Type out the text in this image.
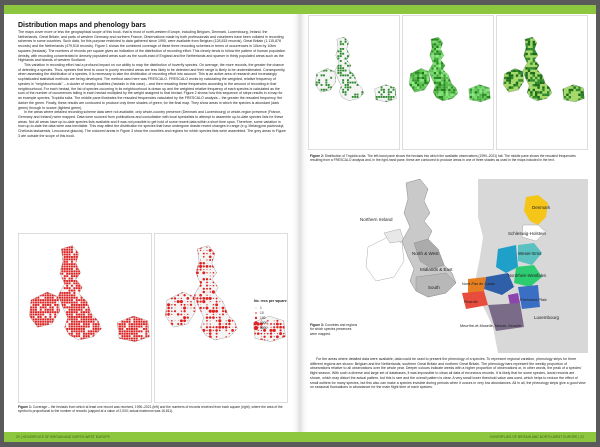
Distribution maps and phenology bars

The maps cover more or less the geographical scope of this book, that is most of north-western Europe, including Belgium, Denmark, Luxembourg, Ireland, the Netherlands, Great Britain, and parts of western Germany and northern France. Observations made by both professionals and volunteers have been collated in recording schemes in some countries. Such data, for this purpose restricted to data gathered since 1990, were available from Belgium (128,815 records), Great Britain (1,115,878 records) and the Netherlands (479,518 records). Figure 1 shows the combined coverage of these three recording schemes in terms of occurrences in 10km by 10km squares (hectads). The numbers of records per square gives an indication of the distribution of recording effort. This clearly tends to follow the pattern of human population density, with recording concentrated in densely populated areas such as the south-east of England and the Netherlands and sparser in thinly populated areas such as the Highlands and islands of western Scotland.

This variation in recording effort had a profound impact on our ability to map the distribution of hoverfly species. On average, the more records, the greater the chance of detecting a species. Thus, species that tend to occur in poorly recorded areas are less likely to be detected and their range is likely to be underestimated. Consequently, when assessing the distribution of a species, it is necessary to take the distribution of recording effort into account. This is an active area of research and increasingly sophisticated statistical methods are being developed. The method used here was FRESCALO. FRESCALO works by calculating the weighted, relative frequency of species in "neighbourhoods" – a cluster of nearby localities (hectads in this case) – and then rescaling these frequencies according to the amount of recording in that neighbourhood. For each hectad, the list of species occurring in its neighbourhood is drawn up and the weighted relative frequency of each species is calculated as the sum of the number of occurrences falling in each hectad multiplied by the weight assigned to that hectad. Figure 2 shows how this sequence of steps results in a map for an example species, Tropidia scita. The middle pane illustrates the rescaled frequencies calculated by the FRESCALO analysis – the greater the rescaled frequency, the darker the green. Finally, these results are contoured to produce only three shades of green, for the final map. They show areas in which the species is abundant (dark green) through to scarce (lightest green).

In the areas where detailed recording scheme data were not available, only whole-country presence (Denmark and Luxembourg) or whole-region presence (France, Germany and Ireland) were mapped. Data were sourced from publications and consultation with local specialists to attempt to assemble up-to-date species lists for these areas. Not all areas have up-to-date species lists available and it was not possible to get hold of some recent data within a short time span. Therefore, some variation in how up-to-date the data were was inevitable. This may affect the distribution for species that have undergone drastic recent changes in range (e.g. Melangyna pavlovskyi, Cheilosia laskaensis, Leucozona glaucia). The coloured areas in Figure 3 show the countries and regions for which species lists were assembled. The grey areas in Figure 3 are outside the scope of this book.

No. recs per square
1
10
100
1000
5000
Figure 1: Coverage – the hectads from which at least one record was received, 1990–2021 (left) and the numbers of records received from each square (right), where the area of the symbol is proportional to the number of records (capped at a value of 2,000; actual maximum was 16,811).
20 | HOVERFLIES OF BRITAIN AND NORTH-WEST EUROPE
Figure 2: Distribution of Tropidia scita. The left-hand pane shows the hectads into which the available observations (1990–2021) fall. The middle pane shows the rescaled frequencies resulting from a FRESCALO analysis and, in the right-hand pane, these are contoured to produce areas in one of three shades as used in the maps included in the text.
Northern Ireland
North & West
Midlands & East
South
Denmark
Schleswig-Holstein
Weser-Ems
Nord-Pas de Calais
Nordrhein-Westfalen
Rheinland-Pfalz
Picardie
Meurthe-et-Moselle, Meuse, Moselle
Luxembourg
Figure 3: Countries and regions for which species presences were mapped.

For the areas where detailed data were available, data could be used to present the phenology of a species. To represent regional variation, phenology strips for three different regions are shown: Belgium and the Netherlands, southern Great Britain and northern Great Britain. The phenology bars represent the weekly proportion of observations relative to all observations over the whole year. Deeper colours indicate weeks with a higher proportion of observations or, in other words, the peak of a species' flight season. With such a diverse and large set of databases, it was impossible to clean all data of erroneous records. It is likely that for some species, larval records are shown, which may distort the actual pattern, but this is rare and the overall pattern is clear. A very small lower threshold value was used, which helps to reduce the effect of small outliers for many species, but this also can make a species invisible during periods when it occurs in very low abundances. All in all, the phenology strips give a good view on seasonal fluctuations in abundance for the main flight time of each species.

HOVERFLIES OF BRITAIN AND NORTH-WEST EUROPE | 21
